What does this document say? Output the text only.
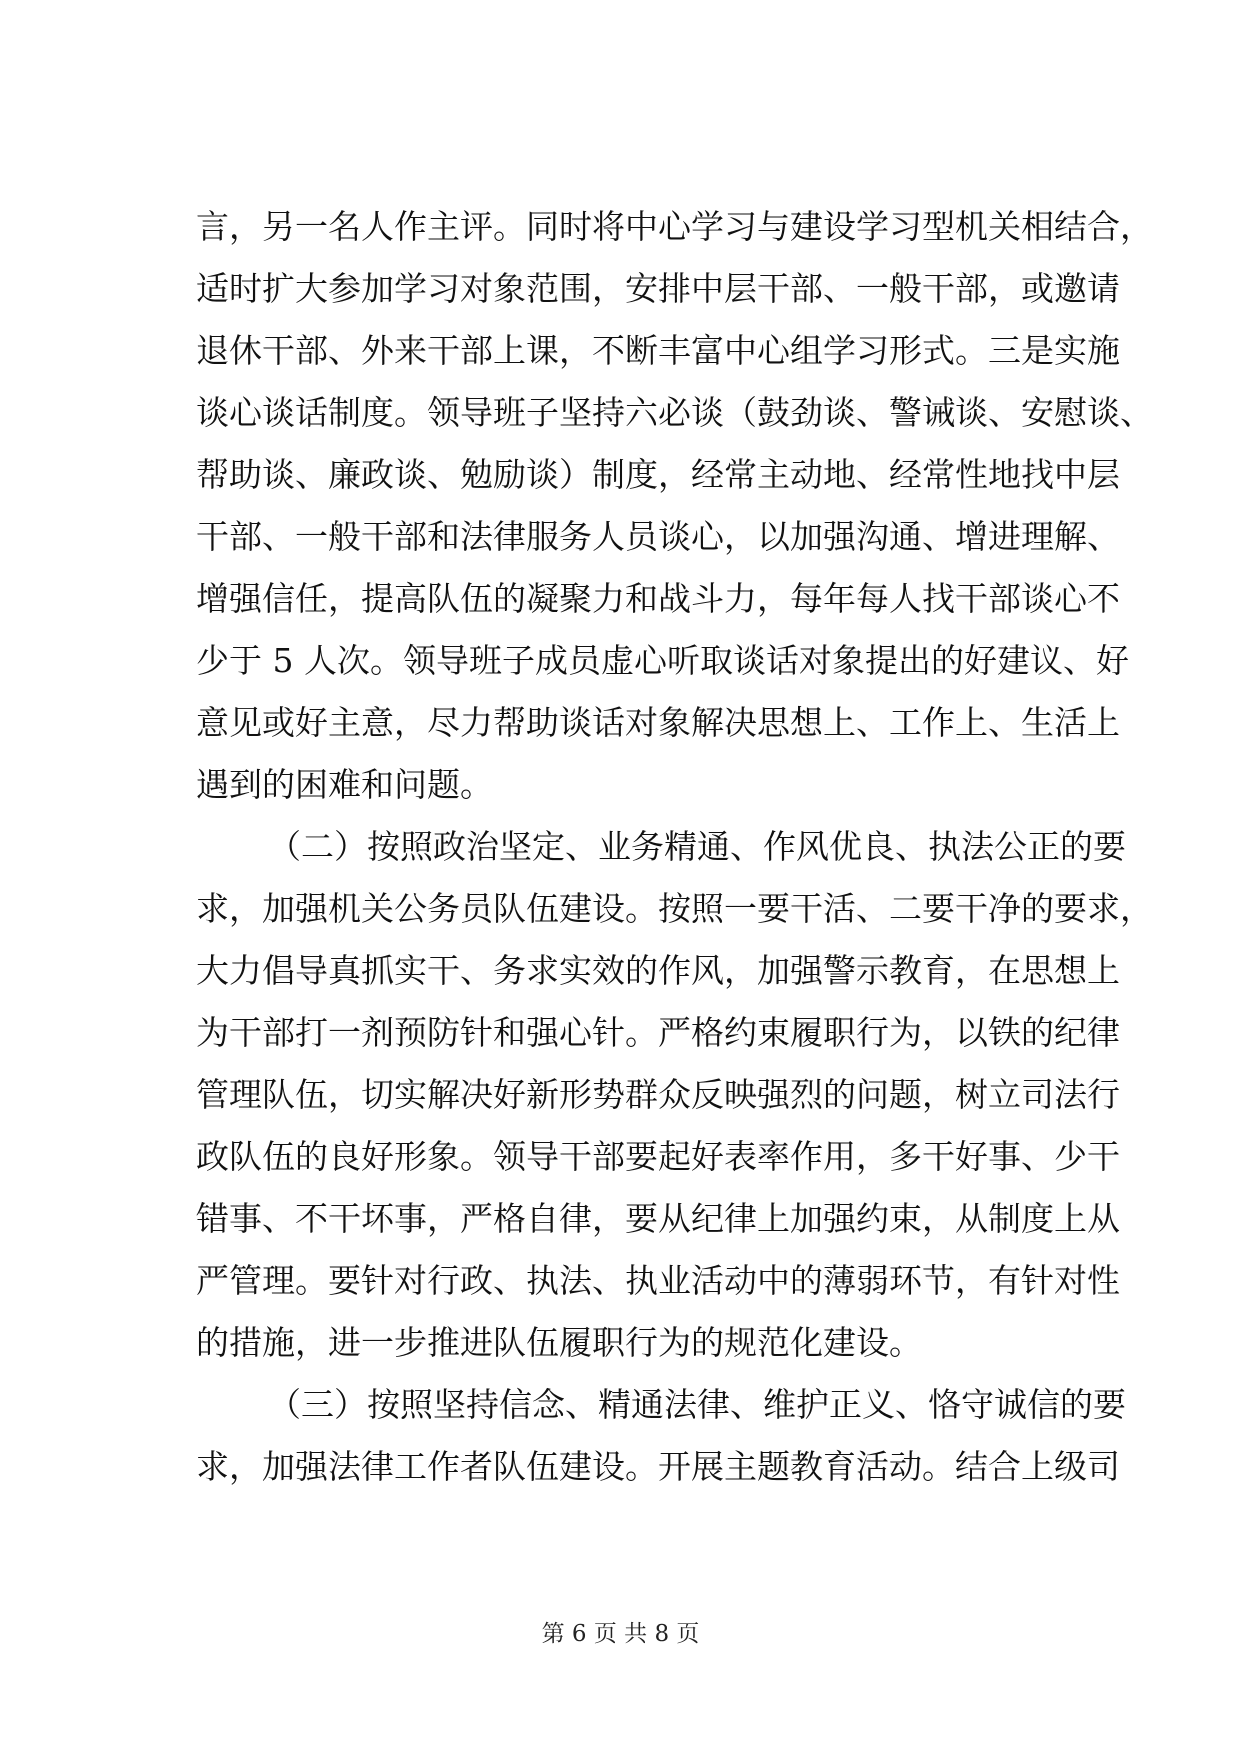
言，另一名人作主评。同时将中心学习与建设学习型机关相结合，
适时扩大参加学习对象范围，安排中层干部、一般干部，或邀请
退休干部、外来干部上课，不断丰富中心组学习形式。三是实施
谈心谈话制度。领导班子坚持六必谈（鼓劲谈、警诫谈、安慰谈、
帮助谈、廉政谈、勉励谈）制度，经常主动地、经常性地找中层
干部、一般干部和法律服务人员谈心，以加强沟通、增进理解、
增强信任，提高队伍的凝聚力和战斗力，每年每人找干部谈心不
少于 5 人次。领导班子成员虚心听取谈话对象提出的好建议、好
意见或好主意，尽力帮助谈话对象解决思想上、工作上、生活上
遇到的困难和问题。
（二）按照政治坚定、业务精通、作风优良、执法公正的要
求，加强机关公务员队伍建设。按照一要干活、二要干净的要求，
大力倡导真抓实干、务求实效的作风，加强警示教育，在思想上
为干部打一剂预防针和强心针。严格约束履职行为，以铁的纪律
管理队伍，切实解决好新形势群众反映强烈的问题，树立司法行
政队伍的良好形象。领导干部要起好表率作用，多干好事、少干
错事、不干坏事，严格自律，要从纪律上加强约束，从制度上从
严管理。要针对行政、执法、执业活动中的薄弱环节，有针对性
的措施，进一步推进队伍履职行为的规范化建设。
（三）按照坚持信念、精通法律、维护正义、恪守诚信的要
求，加强法律工作者队伍建设。开展主题教育活动。结合上级司
第 6 页 共 8 页
